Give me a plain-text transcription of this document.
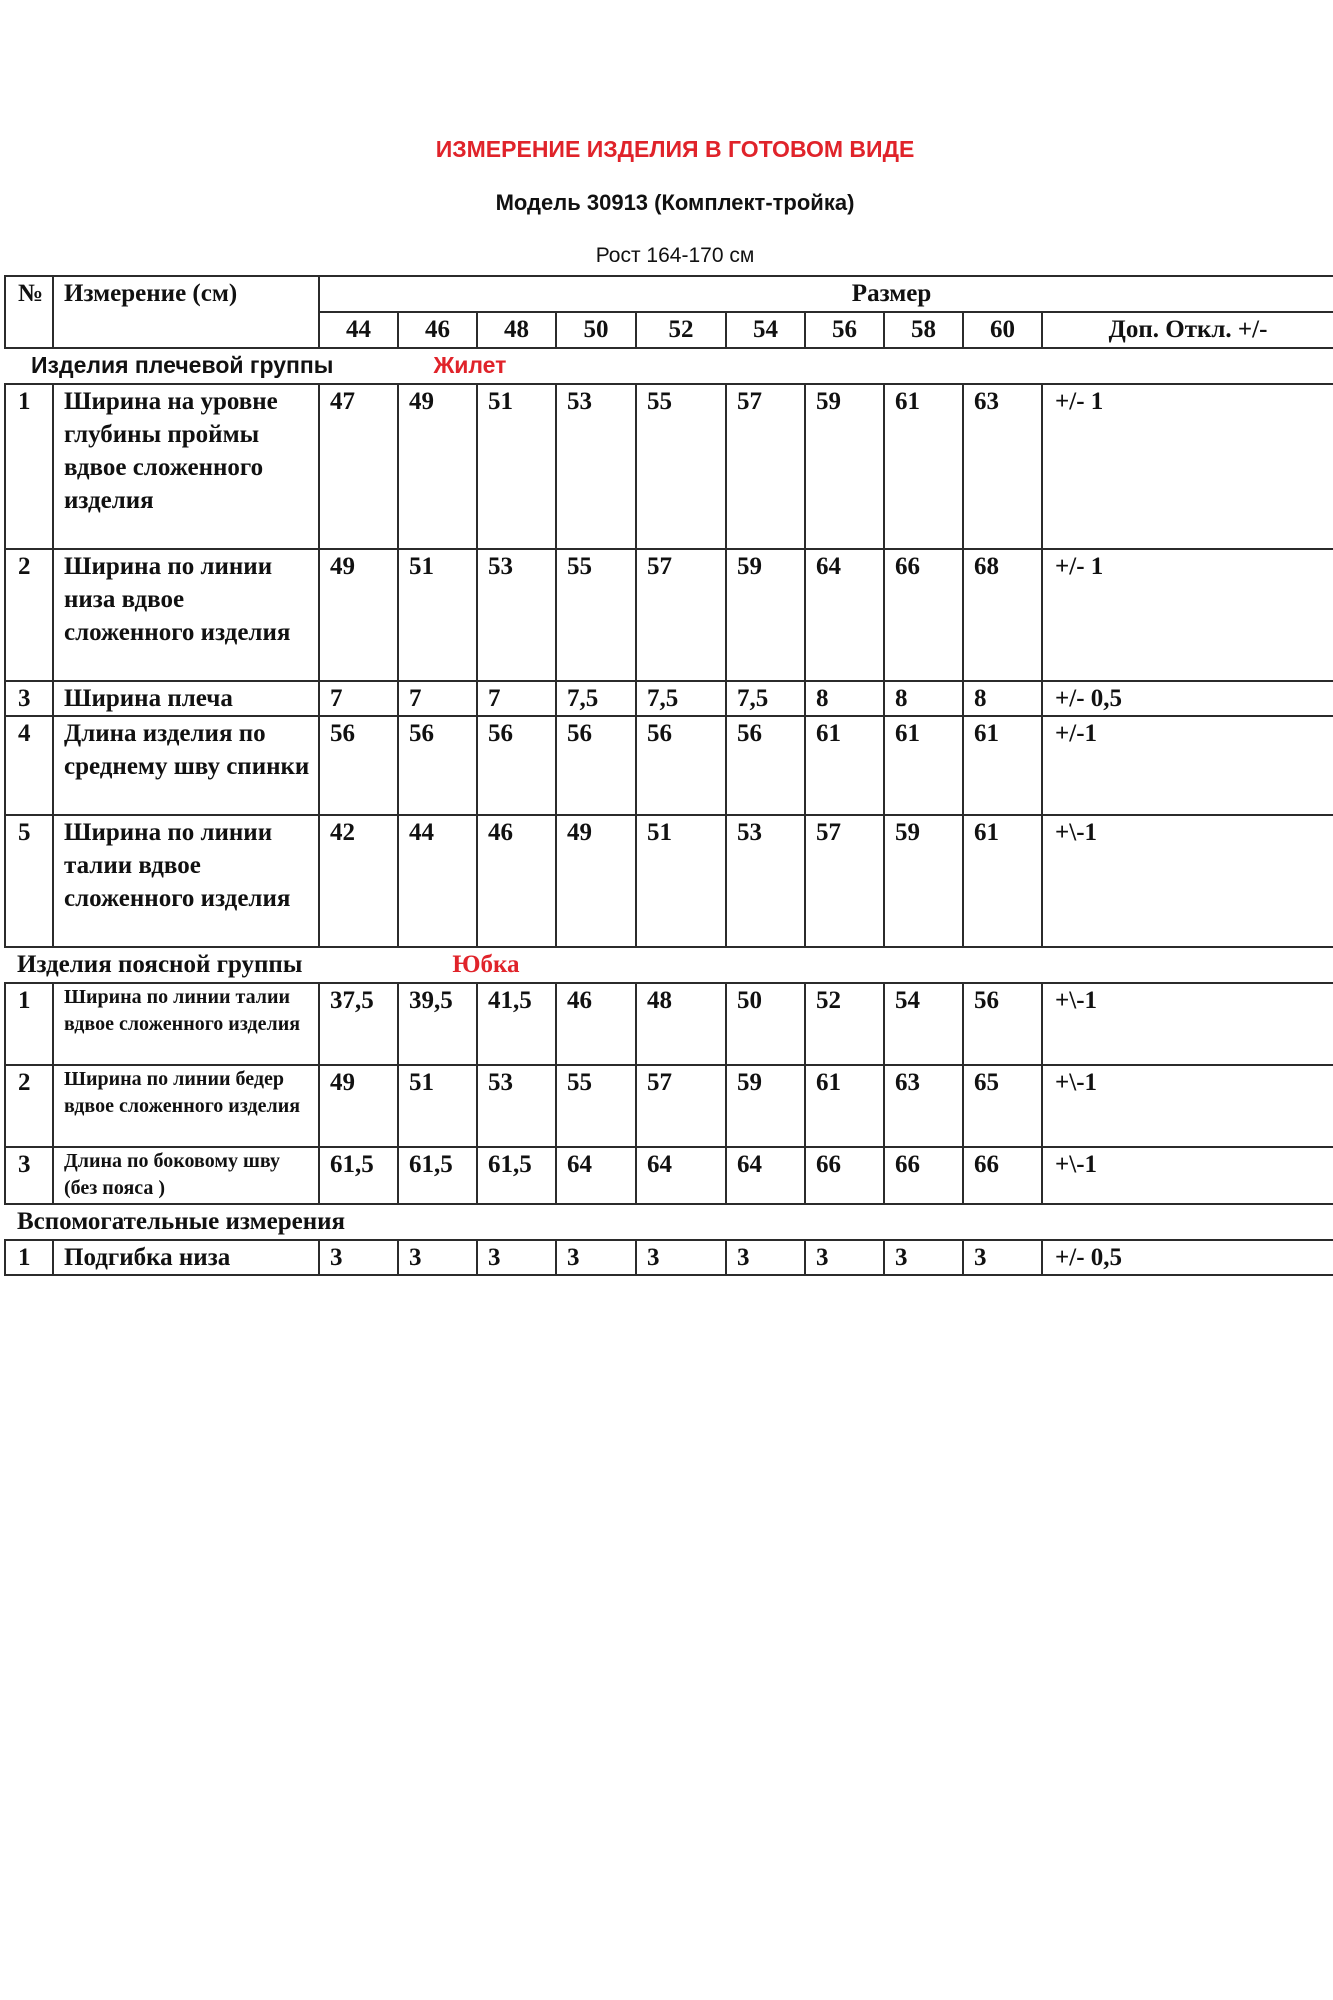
ИЗМЕРЕНИЕ ИЗДЕЛИЯ В ГОТОВОМ ВИДЕ
Модель 30913 (Комплект-тройка)
Рост 164-170 см
№	Измерение (см)	Размер									

		44	46	48	50	52	54	56	58	60	Доп. Откл. +/-

Изделия плечевой группы Жилет											

1	Ширина на уровне глубины проймы вдвое сложенного изделия	47	49	51	53	55	57	59	61	63	+/- 1
2	Ширина по линии низа вдвое сложенного изделия	49	51	53	55	57	59	64	66	68	+/- 1
3	Ширина плеча	7	7	7	7,5	7,5	7,5	8	8	8	+/- 0,5
4	Длина изделия по среднему шву спинки	56	56	56	56	56	56	61	61	61	+/-1
5	Ширина по линии талии вдвое сложенного изделия	42	44	46	49	51	53	57	59	61	+\-1

Изделия поясной группы Юбка											

1	Ширина по линии талии вдвое сложенного изделия	37,5	39,5	41,5	46	48	50	52	54	56	+\-1
2	Ширина по линии бедер вдвое сложенного изделия	49	51	53	55	57	59	61	63	65	+\-1
3	Длина по боковому шву (без пояса )	61,5	61,5	61,5	64	64	64	66	66	66	+\-1

Вспомогательные измерения											

1	Подгибка низа	3	3	3	3	3	3	3	3	3	+/- 0,5
